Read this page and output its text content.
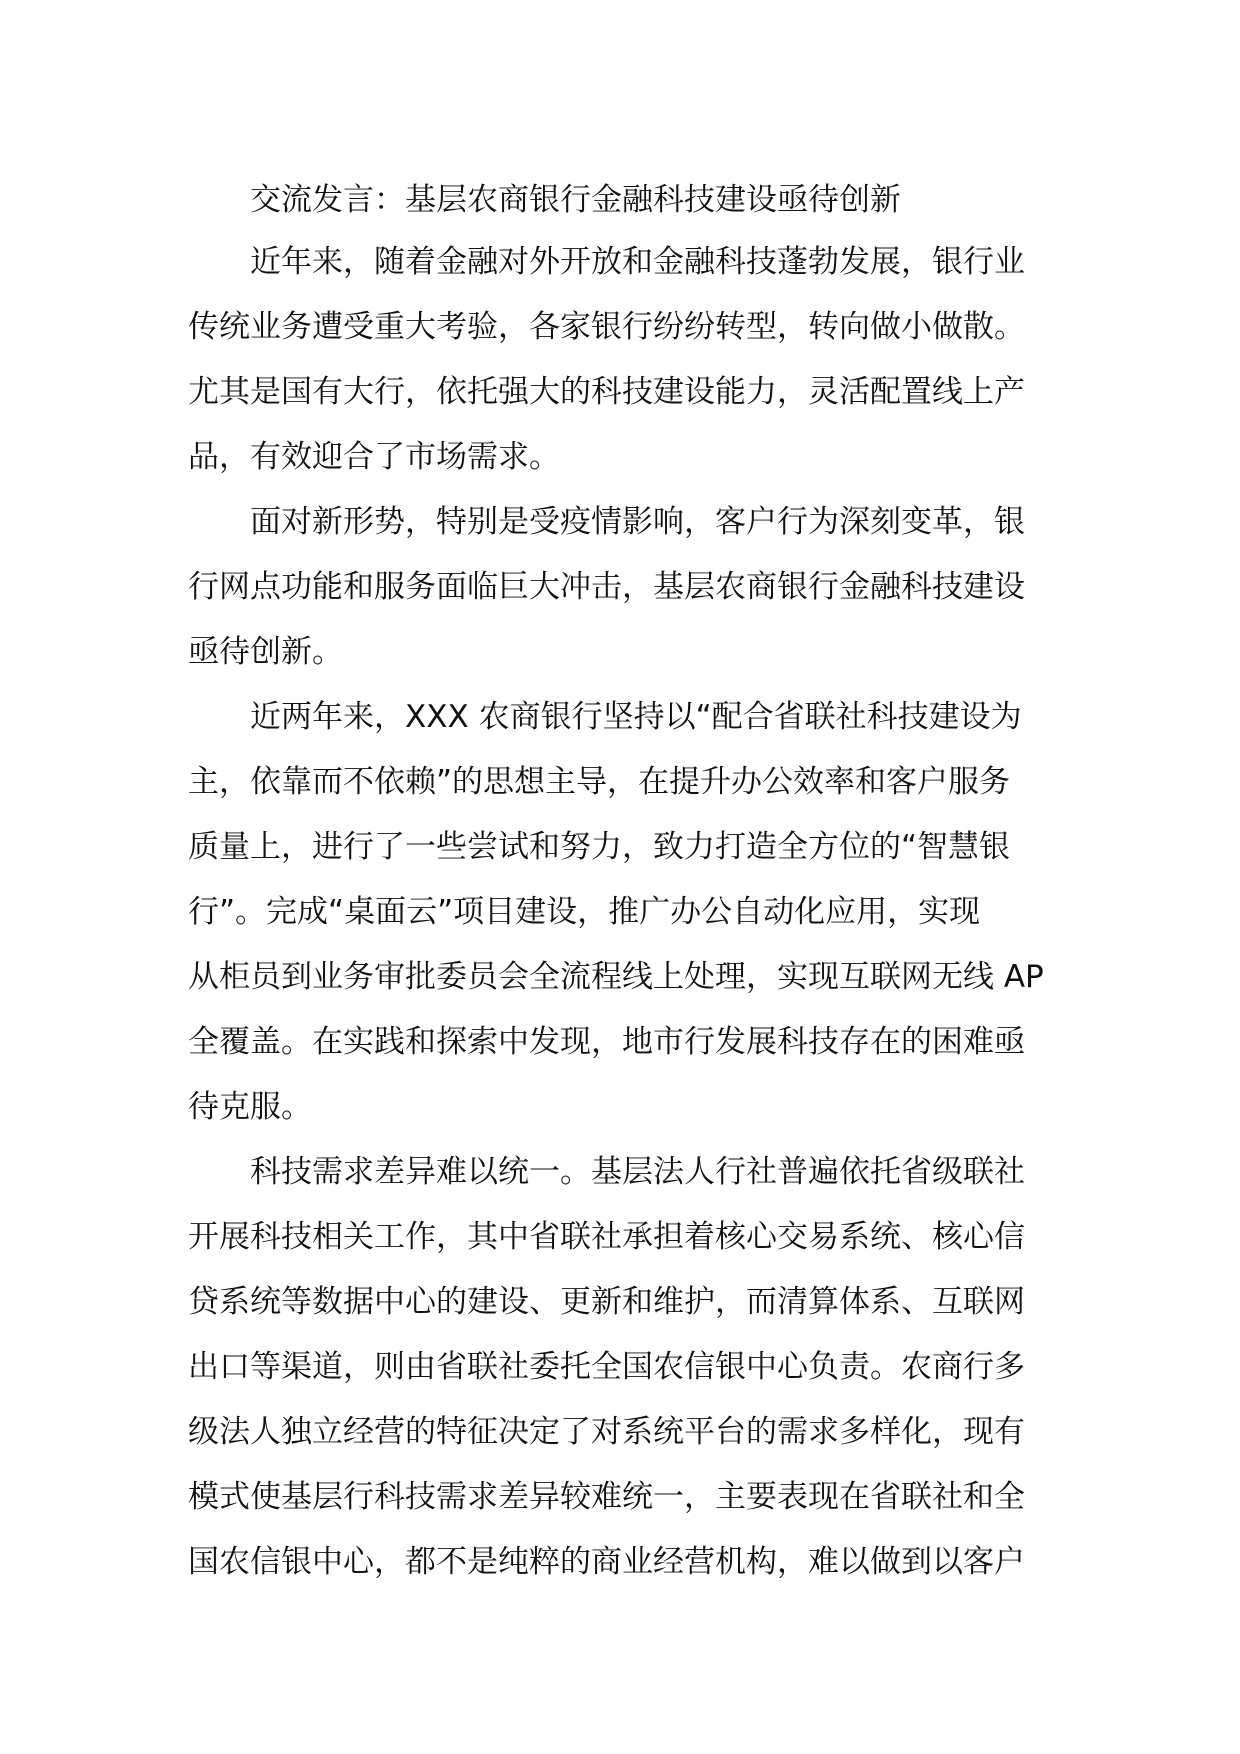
交流发言：基层农商银行金融科技建设亟待创新
近年来，随着金融对外开放和金融科技蓬勃发展，银行业
传统业务遭受重大考验，各家银行纷纷转型，转向做小做散。
尤其是国有大行，依托强大的科技建设能力，灵活配置线上产
品，有效迎合了市场需求。
面对新形势，特别是受疫情影响，客户行为深刻变革，银
行网点功能和服务面临巨大冲击，基层农商银行金融科技建设
亟待创新。
近两年来，XXX 农商银行坚持以“配合省联社科技建设为
主，依靠而不依赖”的思想主导，在提升办公效率和客户服务
质量上，进行了一些尝试和努力，致力打造全方位的“智慧银
行”。完成“桌面云”项目建设，推广办公自动化应用，实现
从柜员到业务审批委员会全流程线上处理，实现互联网无线 AP
全覆盖。在实践和探索中发现，地市行发展科技存在的困难亟
待克服。
科技需求差异难以统一。基层法人行社普遍依托省级联社
开展科技相关工作，其中省联社承担着核心交易系统、核心信
贷系统等数据中心的建设、更新和维护，而清算体系、互联网
出口等渠道，则由省联社委托全国农信银中心负责。农商行多
级法人独立经营的特征决定了对系统平台的需求多样化，现有
模式使基层行科技需求差异较难统一，主要表现在省联社和全
国农信银中心，都不是纯粹的商业经营机构，难以做到以客户
